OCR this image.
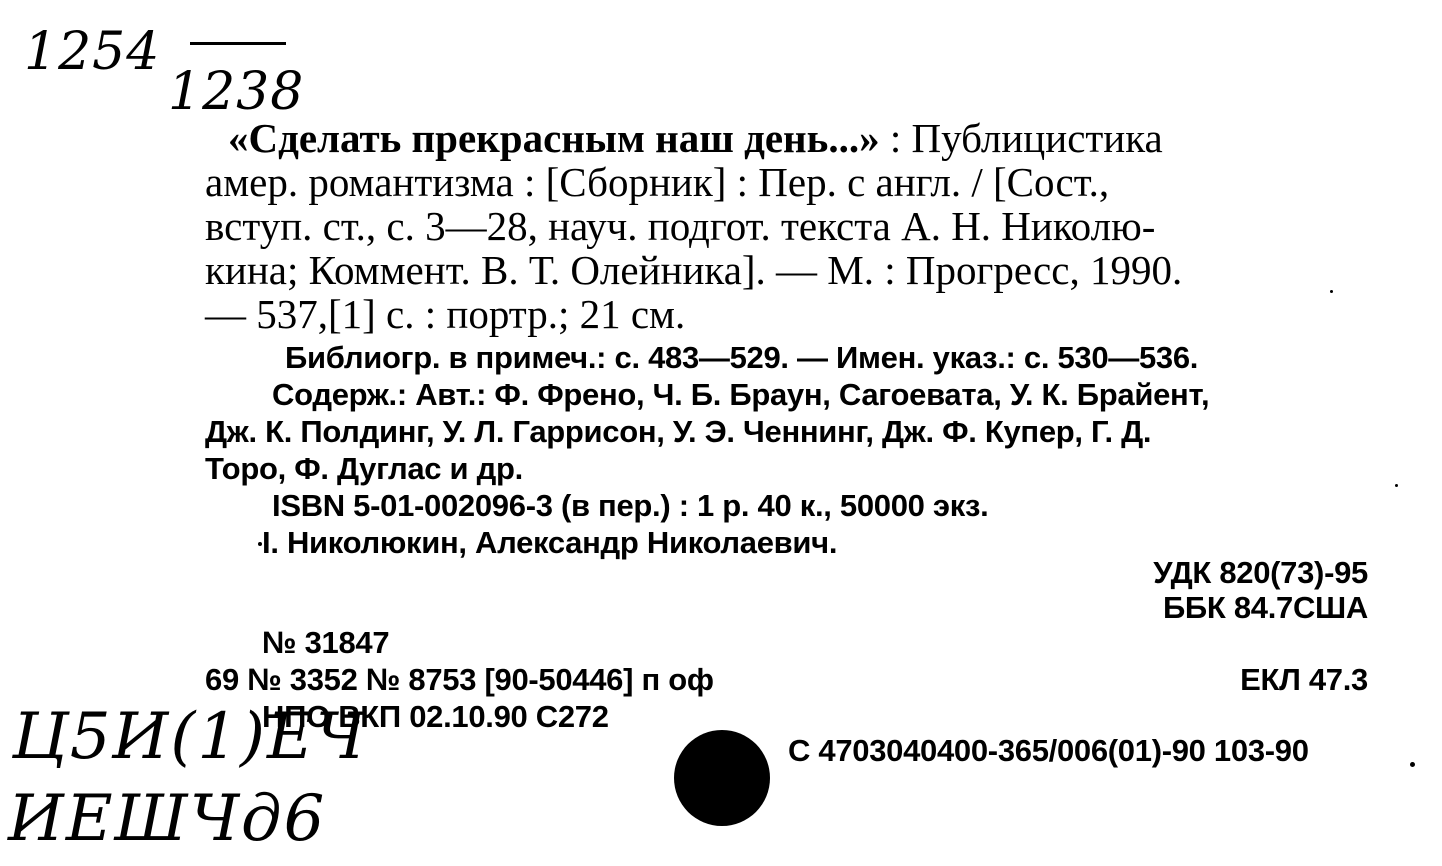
1254
1238
«Сделать прекрасным наш день...» : Публицистика
амер. романтизма : [Сборник] : Пер. с англ. / [Сост.,
вступ. ст., с. 3—28, науч. подгот. текста А. Н. Николю-
кина; Коммент. В. Т. Олейника]. — М. : Прогресс, 1990.
— 537,[1] с. : портр.; 21 см.
Библиогр. в примеч.: с. 483—529. — Имен. указ.: с. 530—536.
Содерж.: Авт.: Ф. Френо, Ч. Б. Браун, Сагоевата, У. К. Брайент,
Дж. К. Полдинг, У. Л. Гаррисон, У. Э. Ченнинг, Дж. Ф. Купер, Г. Д.
Торо, Ф. Дуглас и др.
ISBN 5-01-002096-3 (в пер.) : 1 р. 40 к., 50000 экз.
I. Николюкин, Александр Николаевич.
УДК 820(73)-95
ББК 84.7США
ЕКЛ 47.3
С 4703040400-365/006(01)-90 103-90
№ 31847
69 № 3352 № 8753 [90-50446] п оф
НПО ВКП 02.10.90 С272
Ц5И(1)ЕЧ
ИЕШЧд6
